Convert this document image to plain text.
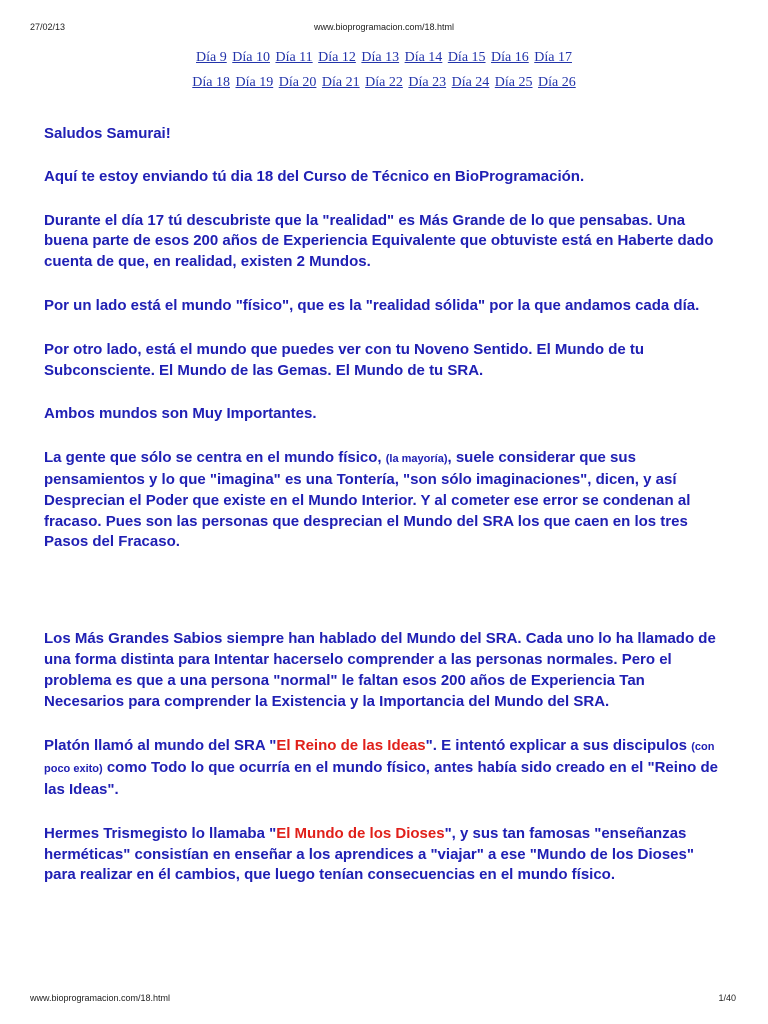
27/02/13	www.bioprogramacion.com/18.html
Día 9 Día 10 Día 11 Día 12 Día 13 Día 14 Día 15 Día 16 Día 17
Día 18 Día 19 Día 20 Día 21 Día 22 Día 23 Día 24 Día 25 Día 26

Saludos Samurai!

Aquí te estoy enviando tú dia 18 del Curso de Técnico en BioProgramación.

Durante el día 17 tú descubriste que la "realidad" es Más Grande de lo que pensabas. Una buena parte de esos 200 años de Experiencia Equivalente que obtuviste está en Haberte dado cuenta de que, en realidad, existen 2 Mundos.

Por un lado está el mundo "físico", que es la "realidad sólida" por la que andamos cada día.

Por otro lado, está el mundo que puedes ver con tu Noveno Sentido. El Mundo de tu Subconsciente. El Mundo de las Gemas. El Mundo de tu SRA.

Ambos mundos son Muy Importantes.

La gente que sólo se centra en el mundo físico, (la mayoría), suele considerar que sus pensamientos y lo que "imagina" es una Tontería, "son sólo imaginaciones", dicen, y así Desprecian el Poder que existe en el Mundo Interior. Y al cometer ese error se condenan al fracaso. Pues son las personas que desprecian el Mundo del SRA los que caen en los tres Pasos del Fracaso.

Los Más Grandes Sabios siempre han hablado del Mundo del SRA. Cada uno lo ha llamado de una forma distinta para Intentar hacerselo comprender a las personas normales. Pero el problema es que a una persona "normal" le faltan esos 200 años de Experiencia Tan Necesarios para comprender la Existencia y la Importancia del Mundo del SRA.

Platón llamó al mundo del SRA "El Reino de las Ideas". E intentó explicar a sus discipulos (con poco exito) como Todo lo que ocurría en el mundo físico, antes había sido creado en el "Reino de las Ideas".

Hermes Trismegisto lo llamaba "El Mundo de los Dioses", y sus tan famosas "enseñanzas herméticas" consistían en enseñar a los aprendices a "viajar" a ese "Mundo de los Dioses" para realizar en él cambios, que luego tenían consecuencias en el mundo físico.

www.bioprogramacion.com/18.html	1/40
